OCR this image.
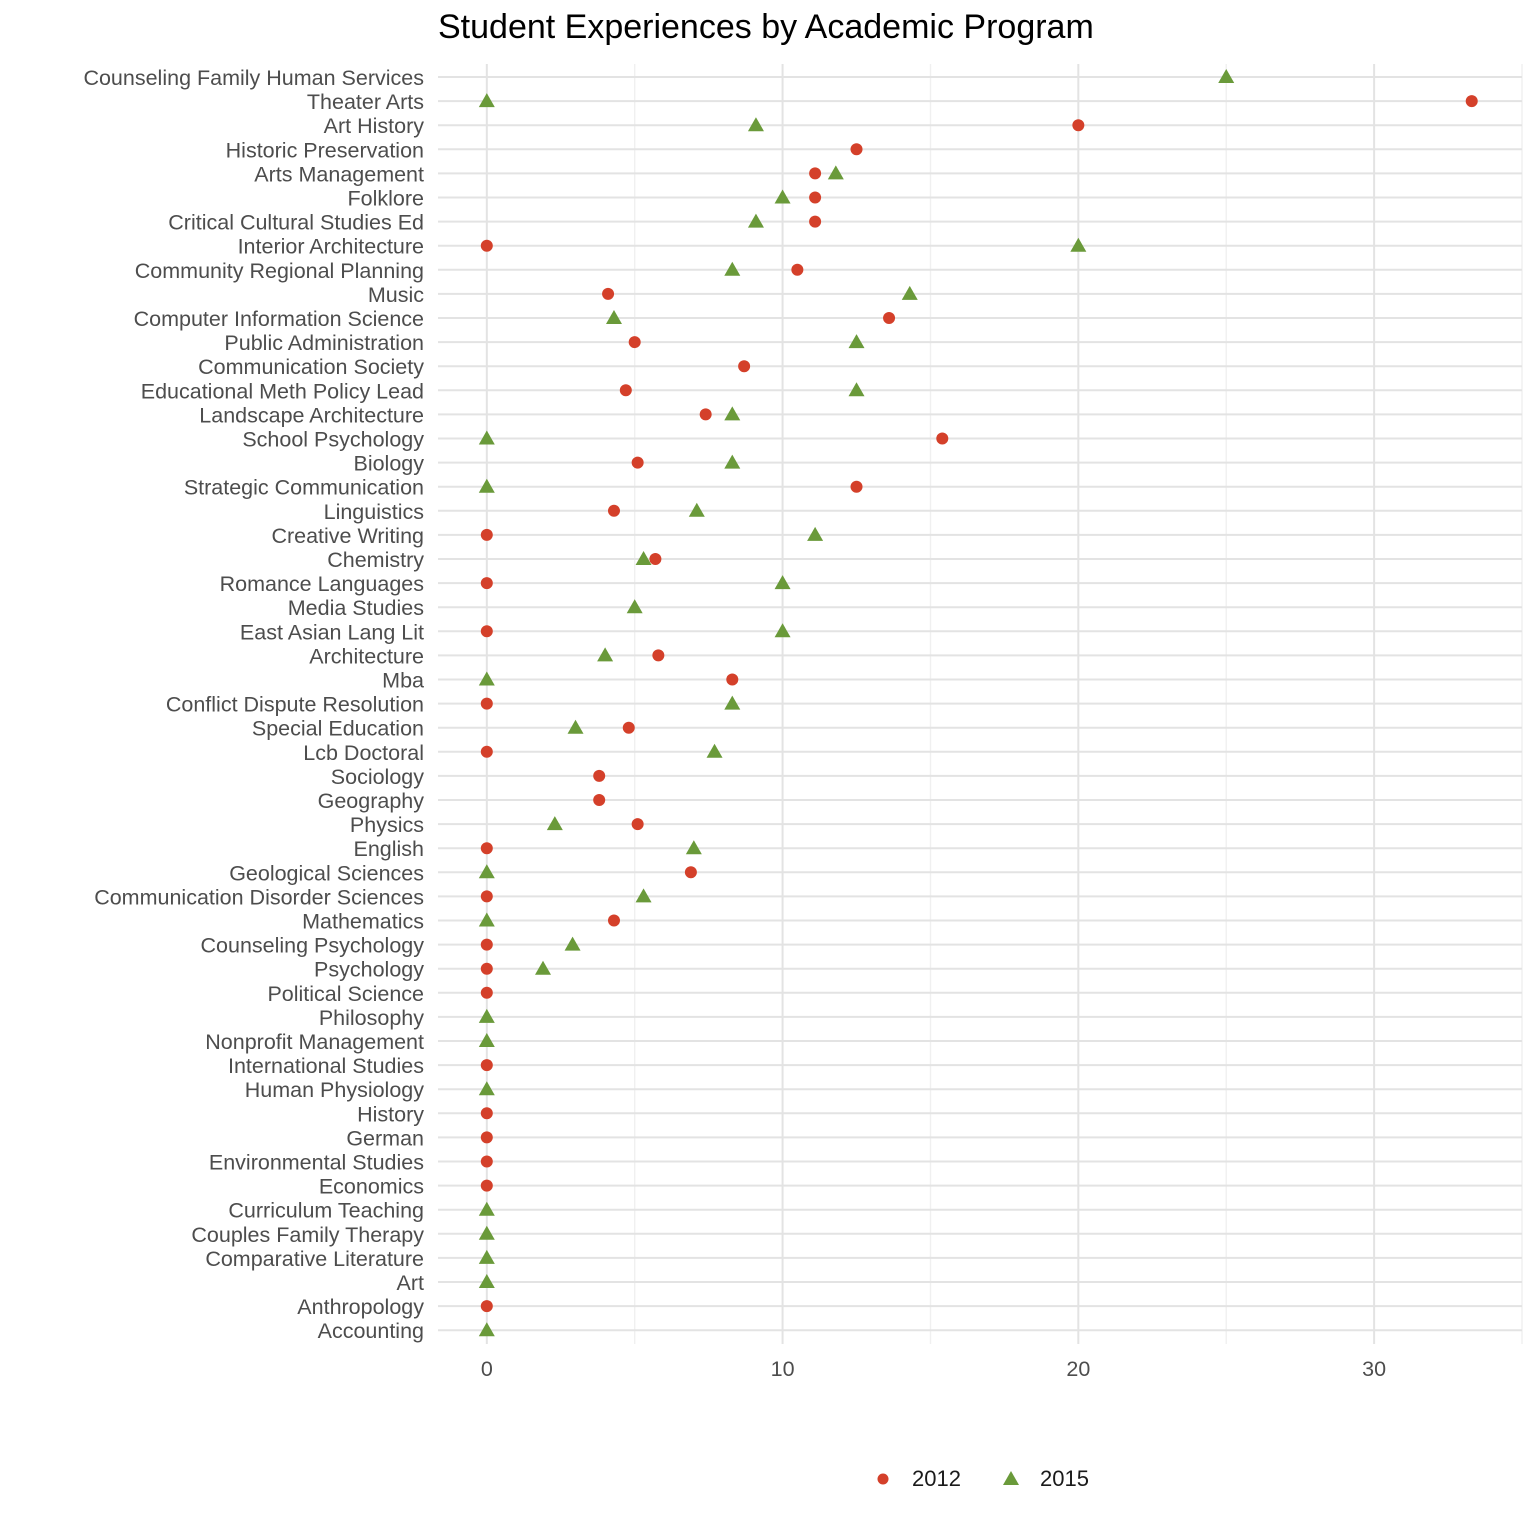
Student Experiences by Academic Program
Counseling Family Human Services
Theater Arts
Art History
Historic Preservation
Arts Management
Folklore
Critical Cultural Studies Ed
Interior Architecture
Community Regional Planning
Music
Computer Information Science
Public Administration
Communication Society
Educational Meth Policy Lead
Landscape Architecture
School Psychology
Biology
Strategic Communication
Linguistics
Creative Writing
Chemistry
Romance Languages
Media Studies
East Asian Lang Lit
Architecture
Mba
Conflict Dispute Resolution
Special Education
Lcb Doctoral
Sociology
Geography
Physics
English
Geological Sciences
Communication Disorder Sciences
Mathematics
Counseling Psychology
Psychology
Political Science
Philosophy
Nonprofit Management
International Studies
Human Physiology
History
German
Environmental Studies
Economics
Curriculum Teaching
Couples Family Therapy
Comparative Literature
Art
Anthropology
Accounting
0	10	20	30
2012	2015
